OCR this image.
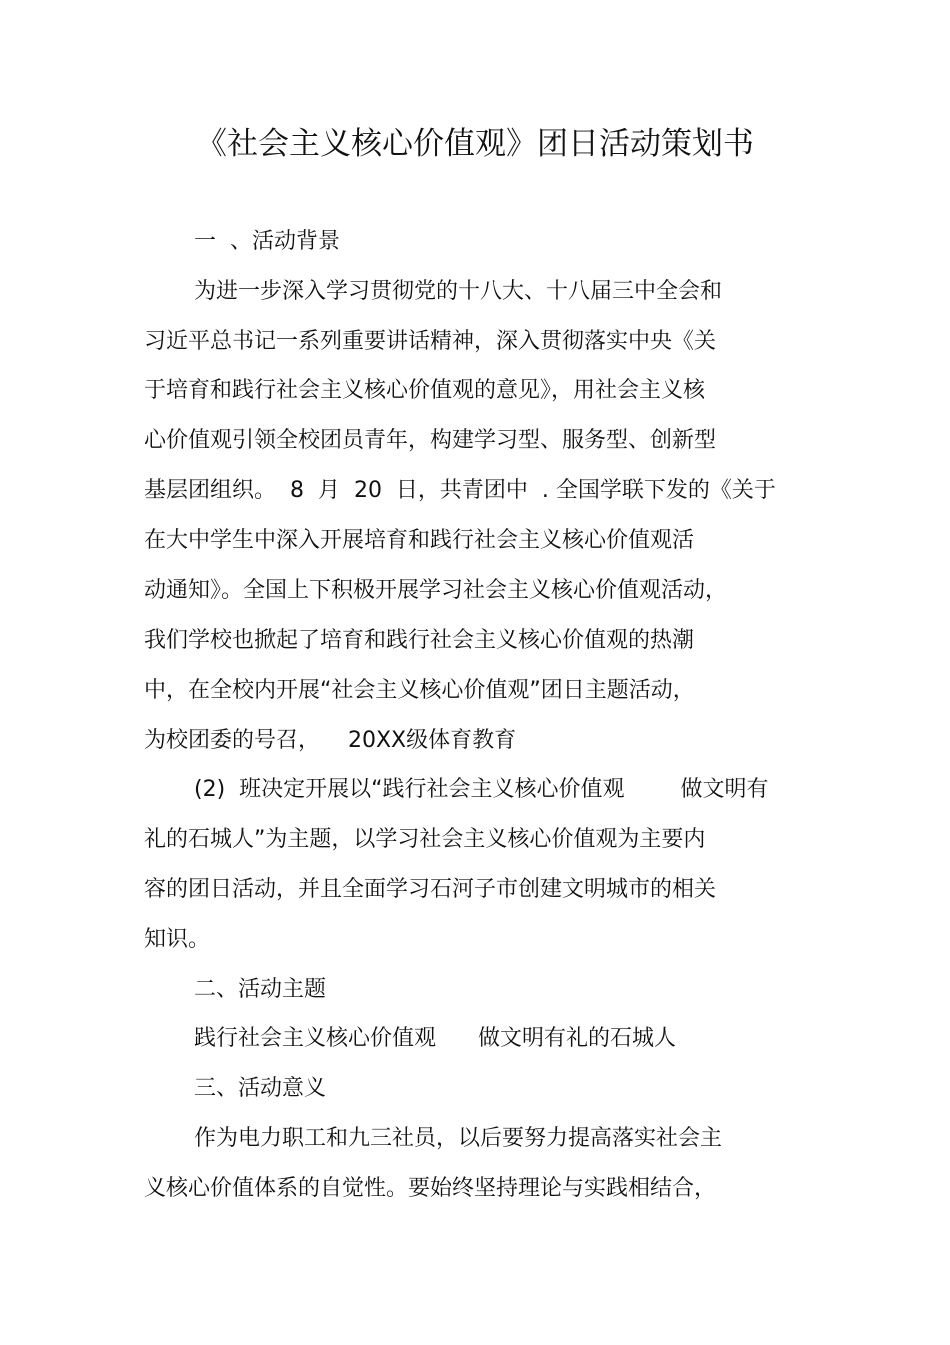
《社会主义核心价值观》团日活动策划书
一  、活动背景
为进一步深入学习贯彻党的十八大、十八届三中全会和
习近平总书记一系列重要讲话精神，深入贯彻落实中央《关
于培育和践行社会主义核心价值观的意见》，用社会主义核
心价值观引领全校团员青年，构建学习型、服务型、创新型
基层团组织。  8  月  20  日，共青团中  . 全国学联下发的《关于
在大中学生中深入开展培育和践行社会主义核心价值观活
动通知》。全国上下积极开展学习社会主义核心价值观活动，
我们学校也掀起了培育和践行社会主义核心价值观的热潮
中，在全校内开展“社会主义核心价值观”团日主题活动，
为校团委的号召，    20XX级体育教育
(2)  班决定开展以“践行社会主义核心价值观        做文明有
礼的石城人”为主题，以学习社会主义核心价值观为主要内
容的团日活动，并且全面学习石河子市创建文明城市的相关
知识。
二、活动主题
践行社会主义核心价值观      做文明有礼的石城人
三、活动意义
作为电力职工和九三社员，以后要努力提高落实社会主
义核心价值体系的自觉性。要始终坚持理论与实践相结合，
